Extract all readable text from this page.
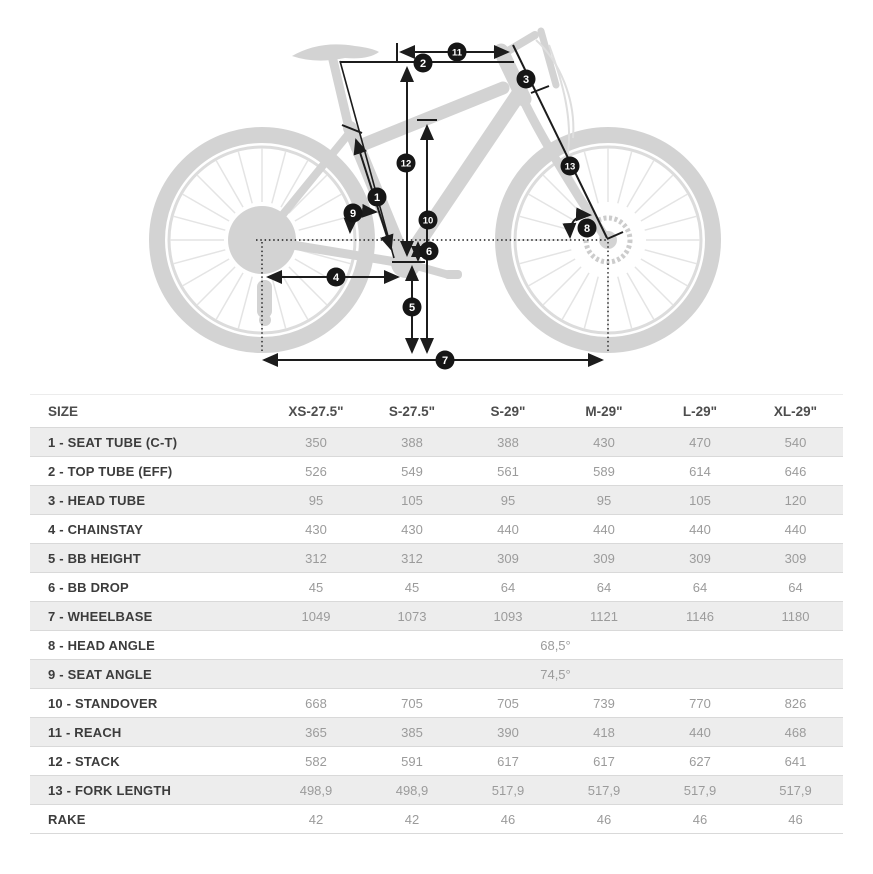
1
2
3
4
5
6
7
8
9
10
11
12	13
SIZE	XS-27.5"	S-27.5"	S-29"	M-29"	L-29"	XL-29"
1 - SEAT TUBE (C-T)	350	388	388	430	470	540
2 - TOP TUBE (EFF)	526	549	561	589	614	646
3 - HEAD TUBE	95	105	95	95	105	120
4 - CHAINSTAY	430	430	440	440	440	440
5 - BB HEIGHT	312	312	309	309	309	309
6 - BB DROP	45	45	64	64	64	64
7 - WHEELBASE	1049	1073	1093	1121	1146	1180
8 - HEAD ANGLE	68,5°					
9 - SEAT ANGLE	74,5°					
10 - STANDOVER	668	705	705	739	770	826
11 - REACH	365	385	390	418	440	468
12 - STACK	582	591	617	617	627	641
13 - FORK LENGTH	498,9	498,9	517,9	517,9	517,9	517,9
RAKE	42	42	46	46	46	46
